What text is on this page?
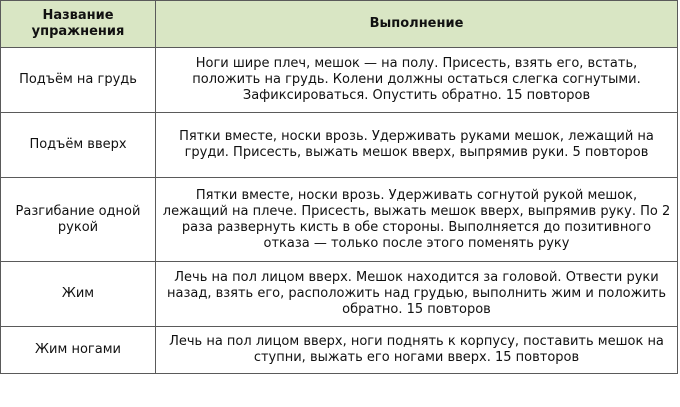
Название упражнения	Выполнение
Подъём на грудь	Ноги шире плеч, мешок — на полу. Присесть, взять его, встать, положить на грудь. Колени должны остаться слегка согнутыми. Зафиксироваться. Опустить обратно. 15 повторов
Подъём вверх	Пятки вместе, носки врозь. Удерживать руками мешок, лежащий на груди. Присесть, выжать мешок вверх, выпрямив руки. 5 повторов
Разгибание одной рукой	Пятки вместе, носки врозь. Удерживать согнутой рукой мешок, лежащий на плече. Присесть, выжать мешок вверх, выпрямив руку. По 2 раза развернуть кисть в обе стороны. Выполняется до позитивного отказа — только после этого поменять руку
Жим	Лечь на пол лицом вверх. Мешок находится за головой. Отвести руки назад, взять его, расположить над грудью, выполнить жим и положить обратно. 15 повторов
Жим ногами	Лечь на пол лицом вверх, ноги поднять к корпусу, поставить мешок на ступни, выжать его ногами вверх. 15 повторов
